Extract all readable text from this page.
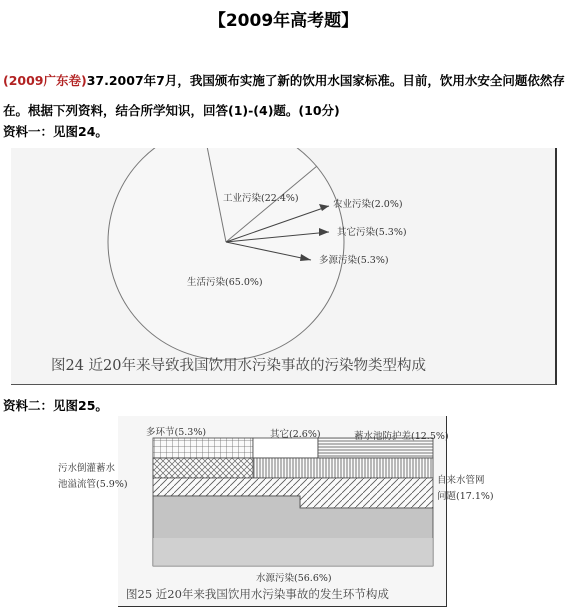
【2009年高考题】
(2009广东卷)37.2007年7月，我国颁布实施了新的饮用水国家标准。目前，饮用水安全问题依然存在。根据下列资料，结合所学知识，回答(1)-(4)题。(10分)
资料一：见图24。
工业污染(22.4%)
农业污染(2.0%)
其它污染(5.3%)
多源污染(5.3%)
生活污染(65.0%)
图24 近20年来导致我国饮用水污染事故的污染物类型构成
资料二：见图25。
多环节(5.3%)	其它(2.6%)	蓄水池防护差(12.5%)
水源污染(56.6%)
图25 近20年来我国饮用水污染事故的发生环节构成
污水倒灌蓄水
池溢流管(5.9%)	自来水管网
问题(17.1%)
